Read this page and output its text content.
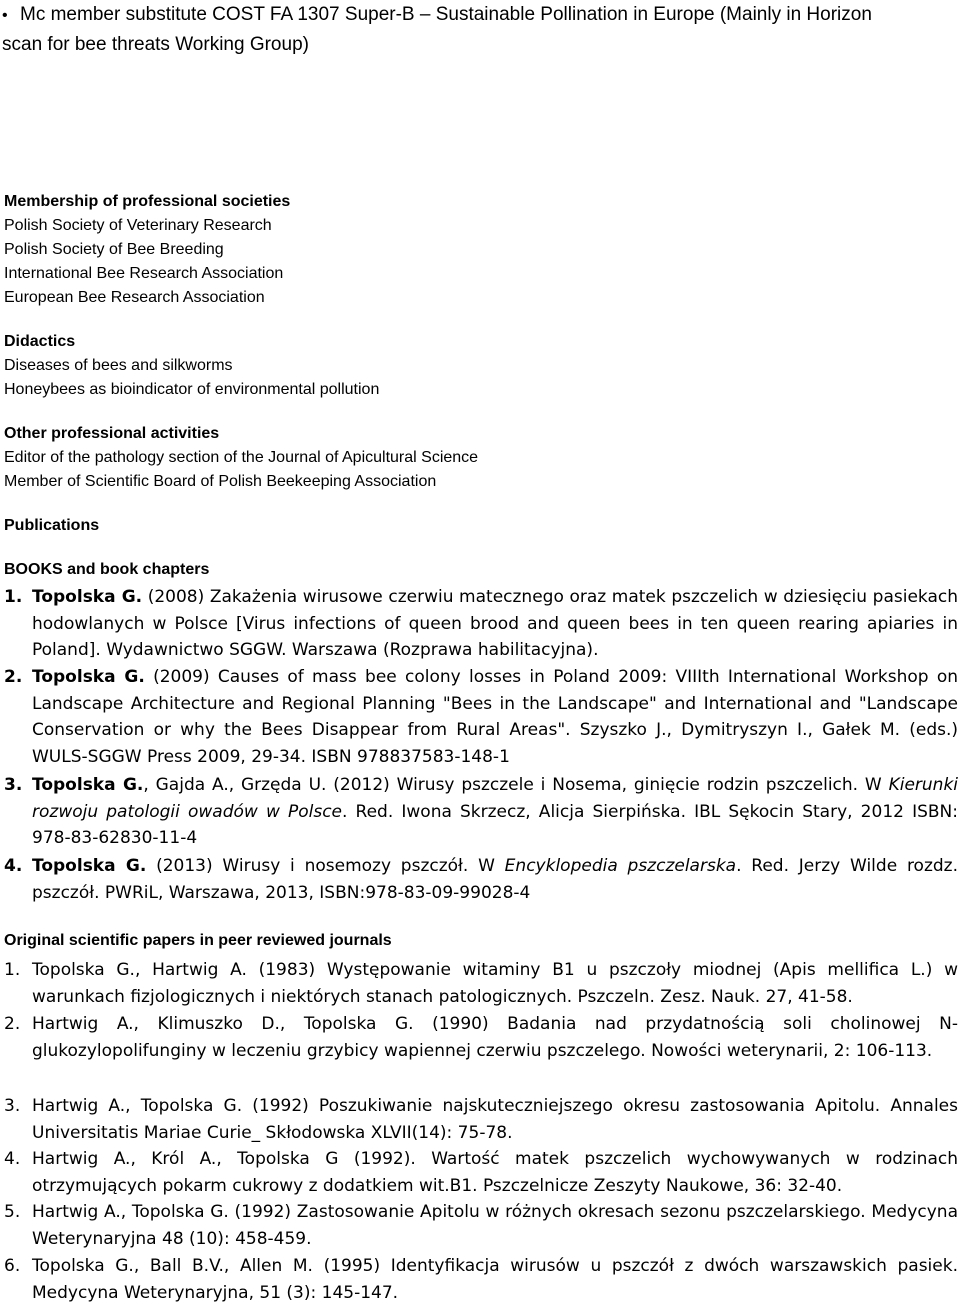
• Mc member substitute COST FA 1307 Super-B – Sustainable Pollination in Europe (Mainly in Horizon
scan for bee threats Working Group)
Membership of professional societies
Polish Society of Veterinary Research
Polish Society of Bee Breeding
International Bee Research Association
European Bee Research Association
Didactics
Diseases of bees and silkworms
Honeybees as bioindicator of environmental pollution
Other professional activities
Editor of the pathology section of the Journal of Apicultural Science
Member of Scientific Board of Polish Beekeeping Association
Publications
BOOKS and book chapters
1. Topolska G. (2008) Zakażenia wirusowe czerwiu matecznego oraz matek pszczelich w dziesięciu pasiekach hodowlanych w Polsce [Virus infections of queen brood and queen bees in ten queen rearing apiaries in Poland]. Wydawnictwo SGGW. Warszawa (Rozprawa habilitacyjna).
2. Topolska G. (2009) Causes of mass bee colony losses in Poland 2009: VIIIth International Workshop on Landscape Architecture and Regional Planning "Bees in the Landscape" and International and "Landscape Conservation or why the Bees Disappear from Rural Areas". Szyszko J., Dymitryszyn I., Gałek M. (eds.) WULS-SGGW Press 2009, 29-34. ISBN 978837583-148-1
3. Topolska G., Gajda A., Grzęda U. (2012) Wirusy pszczele i Nosema, ginięcie rodzin pszczelich. W Kierunki rozwoju patologii owadów w Polsce. Red. Iwona Skrzecz, Alicja Sierpińska. IBL Sękocin Stary, 2012 ISBN: 978-83-62830-11-4
4. Topolska G. (2013) Wirusy i nosemozy pszczół. W Encyklopedia pszczelarska. Red. Jerzy Wilde rozdz. pszczół. PWRiL, Warszawa, 2013, ISBN:978-83-09-99028-4
Original scientific papers in peer reviewed journals
1. Topolska G., Hartwig A. (1983) Występowanie witaminy B1 u pszczoły miodnej (Apis mellifica L.) w warunkach fizjologicznych i niektórych stanach patologicznych. Pszczeln. Zesz. Nauk. 27, 41-58.
2. Hartwig A., Klimuszko D., Topolska G. (1990) Badania nad przydatnością soli cholinowej N-glukozylopolifunginy w leczeniu grzybicy wapiennej czerwiu pszczelego. Nowości weterynarii, 2: 106-113.
3. Hartwig A., Topolska G. (1992) Poszukiwanie najskuteczniejszego okresu zastosowania Apitolu. Annales Universitatis Mariae Curie_ Skłodowska XLVII(14): 75-78.
4. Hartwig A., Król A., Topolska G (1992). Wartość matek pszczelich wychowywanych w rodzinach otrzymujących pokarm cukrowy z dodatkiem wit.B1. Pszczelnicze Zeszyty Naukowe, 36: 32-40.
5. Hartwig A., Topolska G. (1992) Zastosowanie Apitolu w różnych okresach sezonu pszczelarskiego. Medycyna Weterynaryjna 48 (10): 458-459.
6. Topolska G., Ball B.V., Allen M. (1995) Identyfikacja wirusów u pszczół z dwóch warszawskich pasiek. Medycyna Weterynaryjna, 51 (3): 145-147.
